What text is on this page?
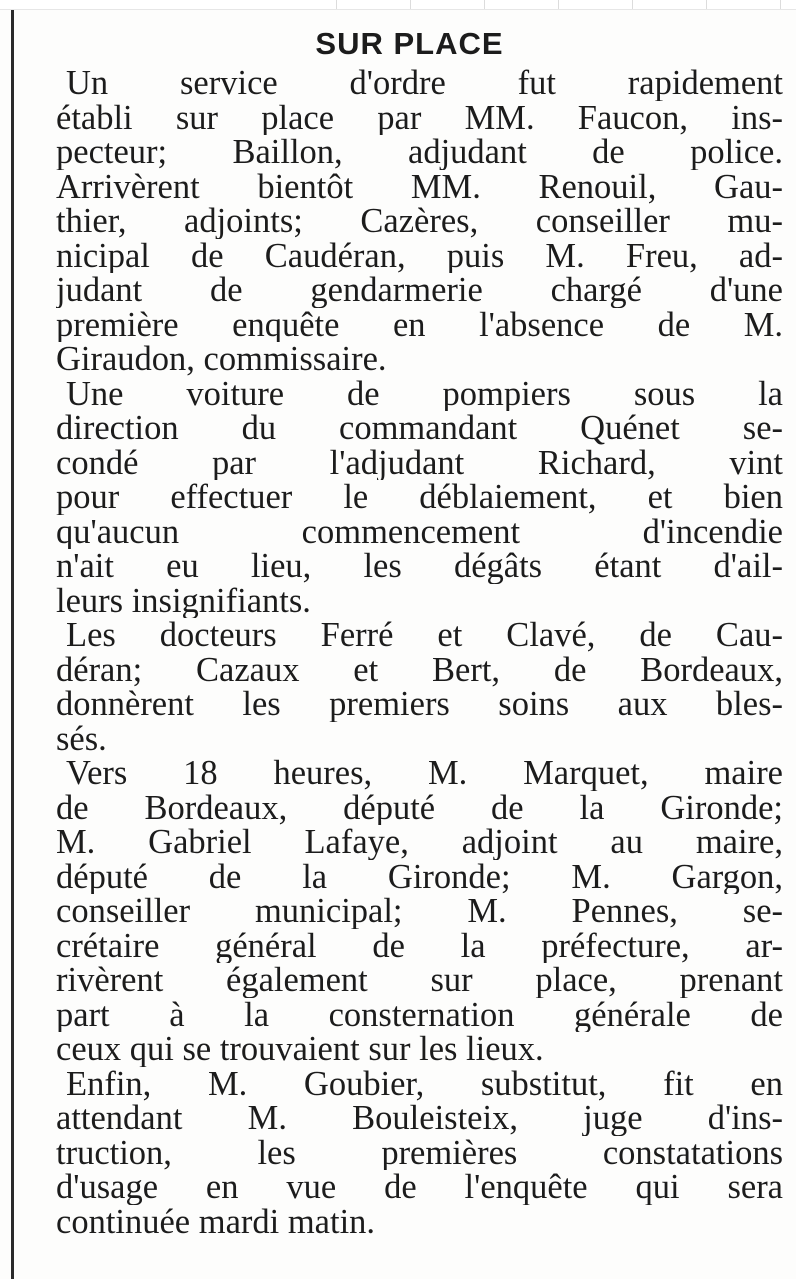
SUR PLACE
Un service d'ordre fut rapidement
établi sur place par MM. Faucon, ins-
pecteur; Baillon, adjudant de police.
Arrivèrent bientôt MM. Renouil, Gau-
thier, adjoints; Cazères, conseiller mu-
nicipal de Caudéran, puis M. Freu, ad-
judant de gendarmerie chargé d'une
première enquête en l'absence de M.
Giraudon, commissaire.
Une voiture de pompiers sous la
direction du commandant Quénet se-
condé par l'adjudant Richard, vint
pour effectuer le déblaiement, et bien
qu'aucun commencement d'incendie
n'ait eu lieu, les dégâts étant d'ail-
leurs insignifiants.
Les docteurs Ferré et Clavé, de Cau-
déran; Cazaux et Bert, de Bordeaux,
donnèrent les premiers soins aux bles-
sés.
Vers 18 heures, M. Marquet, maire
de Bordeaux, député de la Gironde;
M. Gabriel Lafaye, adjoint au maire,
député de la Gironde; M. Gargon,
conseiller municipal; M. Pennes, se-
crétaire général de la préfecture, ar-
rivèrent également sur place, prenant
part à la consternation générale de
ceux qui se trouvaient sur les lieux.
Enfin, M. Goubier, substitut, fit en
attendant M. Bouleisteix, juge d'ins-
truction, les premières constatations
d'usage en vue de l'enquête qui sera
continuée mardi matin.
